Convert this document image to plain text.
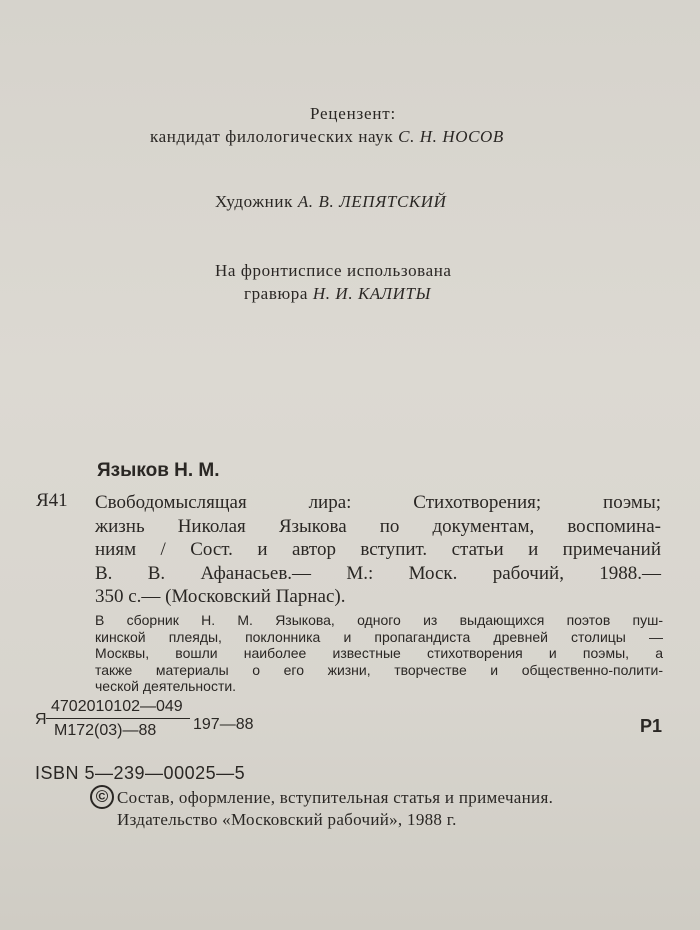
Рецензент:
кандидат филологических наук С. Н. НОСОВ
Художник А. В. ЛЕПЯТСКИЙ
На фронтисписе использована
гравюра Н. И. КАЛИТЫ
Языков Н. М.
Я41 Свободомыслящая лира: Стихотворения; поэмы;
жизнь Николая Языкова по документам, воспомина-
ниям / Сост. и автор вступит. статьи и примечаний
В. В. Афанасьев.— М.: Моск. рабочий, 1988.—
350 с.— (Московский Парнас).
В сборник Н. М. Языкова, одного из выдающихся поэтов пуш-
кинской плеяды, поклонника и пропагандиста древней столицы —
Москвы, вошли наиболее известные стихотворения и поэмы, а
также материалы о его жизни, творчестве и общественно-полити-
ческой деятельности.
Я
4702010102—049
М172(03)—88 197—88	Р1
ISBN 5—239—00025—5
© Состав, оформление, вступительная статья и примечания.
Издательство «Московский рабочий», 1988 г.
